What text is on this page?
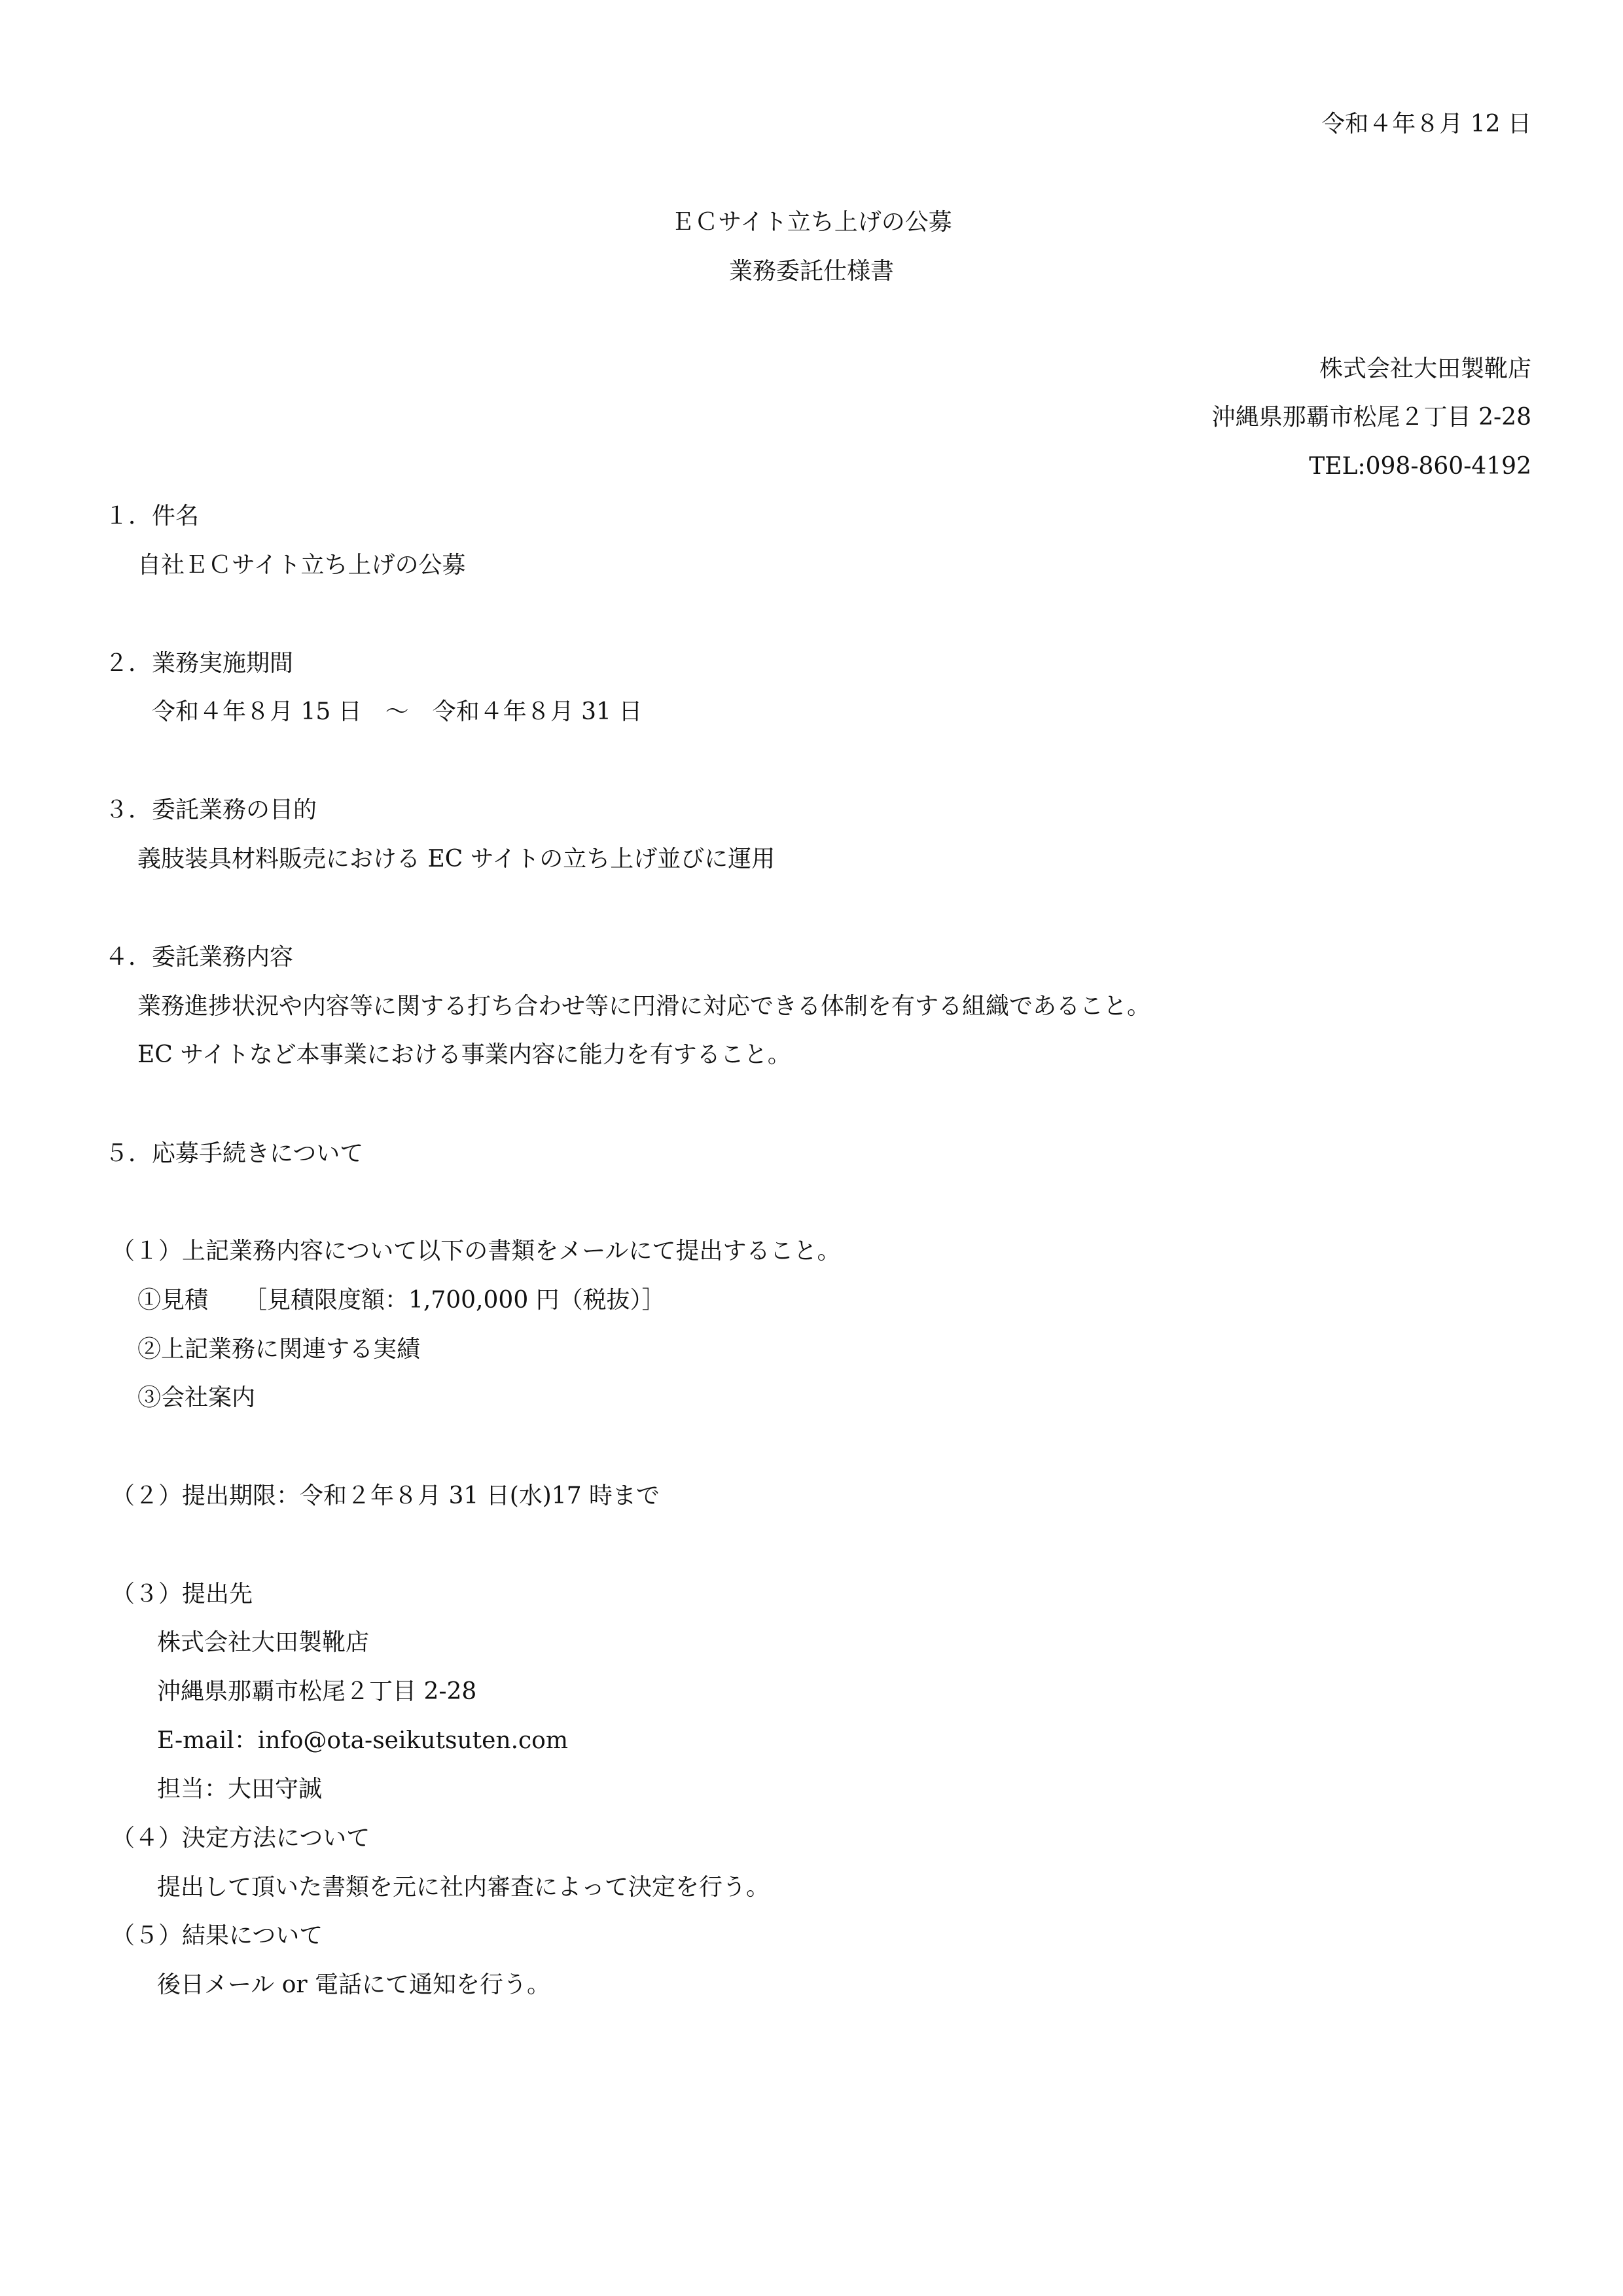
令和４年８月 12 日
ＥＣサイト立ち上げの公募
業務委託仕様書
株式会社大田製靴店
沖縄県那覇市松尾２丁目 2-28
TEL:098-860-4192
１．件名
自社ＥＣサイト立ち上げの公募
２．業務実施期間
令和４年８月 15 日　～　令和４年８月 31 日
３．委託業務の目的
義肢装具材料販売における EC サイトの立ち上げ並びに運用
４．委託業務内容
業務進捗状況や内容等に関する打ち合わせ等に円滑に対応できる体制を有する組織であること。
EC サイトなど本事業における事業内容に能力を有すること。
５．応募手続きについて
（１）上記業務内容について以下の書類をメールにて提出すること。
①見積　　［見積限度額：1,700,000 円（税抜）］
②上記業務に関連する実績
③会社案内
（２）提出期限：令和２年８月 31 日(水)17 時まで
（３）提出先
株式会社大田製靴店
沖縄県那覇市松尾２丁目 2-28
E-mail：info@ota-seikutsuten.com
担当：大田守誠
（４）決定方法について
提出して頂いた書類を元に社内審査によって決定を行う。
（５）結果について
後日メール or 電話にて通知を行う。
